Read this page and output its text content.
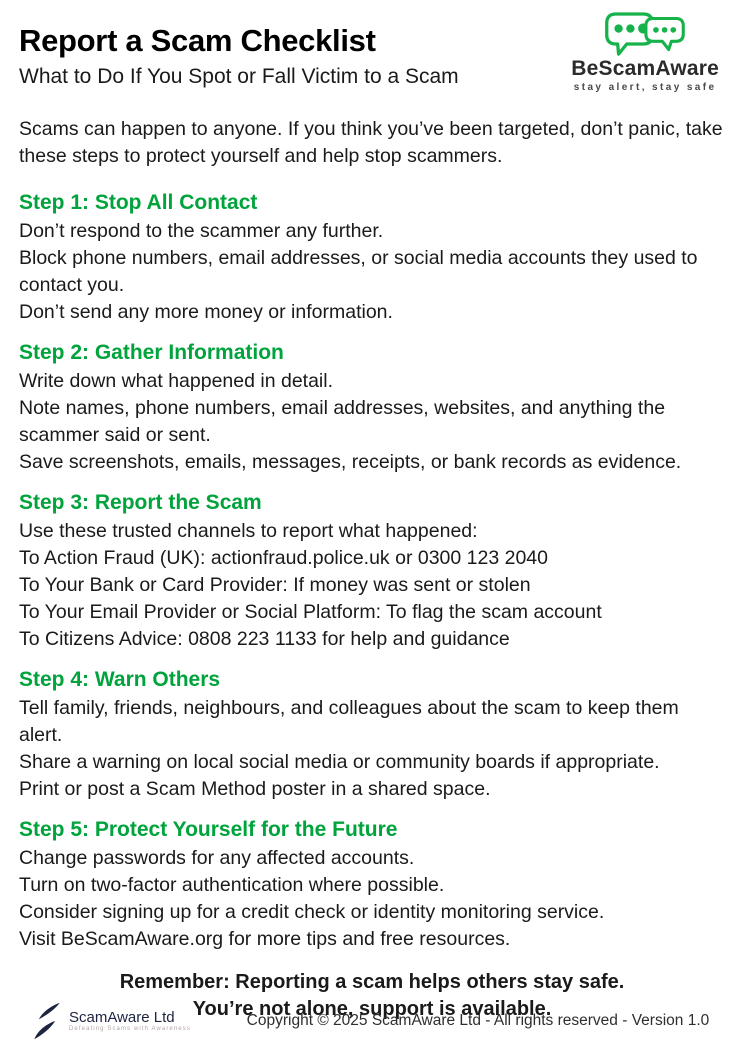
Report a Scam Checklist
What to Do If You Spot or Fall Victim to a Scam	BeScamAware
stay alert, stay safe

Scams can happen to anyone. If you think you’ve been targeted, don’t panic, take these steps to protect yourself and help stop scammers.

Step 1: Stop All Contact

Don’t respond to the scammer any further.

Block phone numbers, email addresses, or social media accounts they used to contact you.

Don’t send any more money or information.

Step 2: Gather Information

Write down what happened in detail.

Note names, phone numbers, email addresses, websites, and anything the scammer said or sent.

Save screenshots, emails, messages, receipts, or bank records as evidence.

Step 3: Report the Scam

Use these trusted channels to report what happened:

To Action Fraud (UK): actionfraud.police.uk or 0300 123 2040

To Your Bank or Card Provider: If money was sent or stolen

To Your Email Provider or Social Platform: To flag the scam account

To Citizens Advice: 0808 223 1133 for help and guidance

Step 4: Warn Others

Tell family, friends, neighbours, and colleagues about the scam to keep them alert.

Share a warning on local social media or community boards if appropriate.

Print or post a Scam Method poster in a shared space.

Step 5: Protect Yourself for the Future

Change passwords for any affected accounts.

Turn on two-factor authentication where possible.

Consider signing up for a credit check or identity monitoring service.

Visit BeScamAware.org for more tips and free resources.

Remember: Reporting a scam helps others stay safe.
You’re not alone, support is available.
ScamAware Ltd
Defeating Scams with Awareness	Copyright © 2025 ScamAware Ltd - All rights reserved - Version 1.0
